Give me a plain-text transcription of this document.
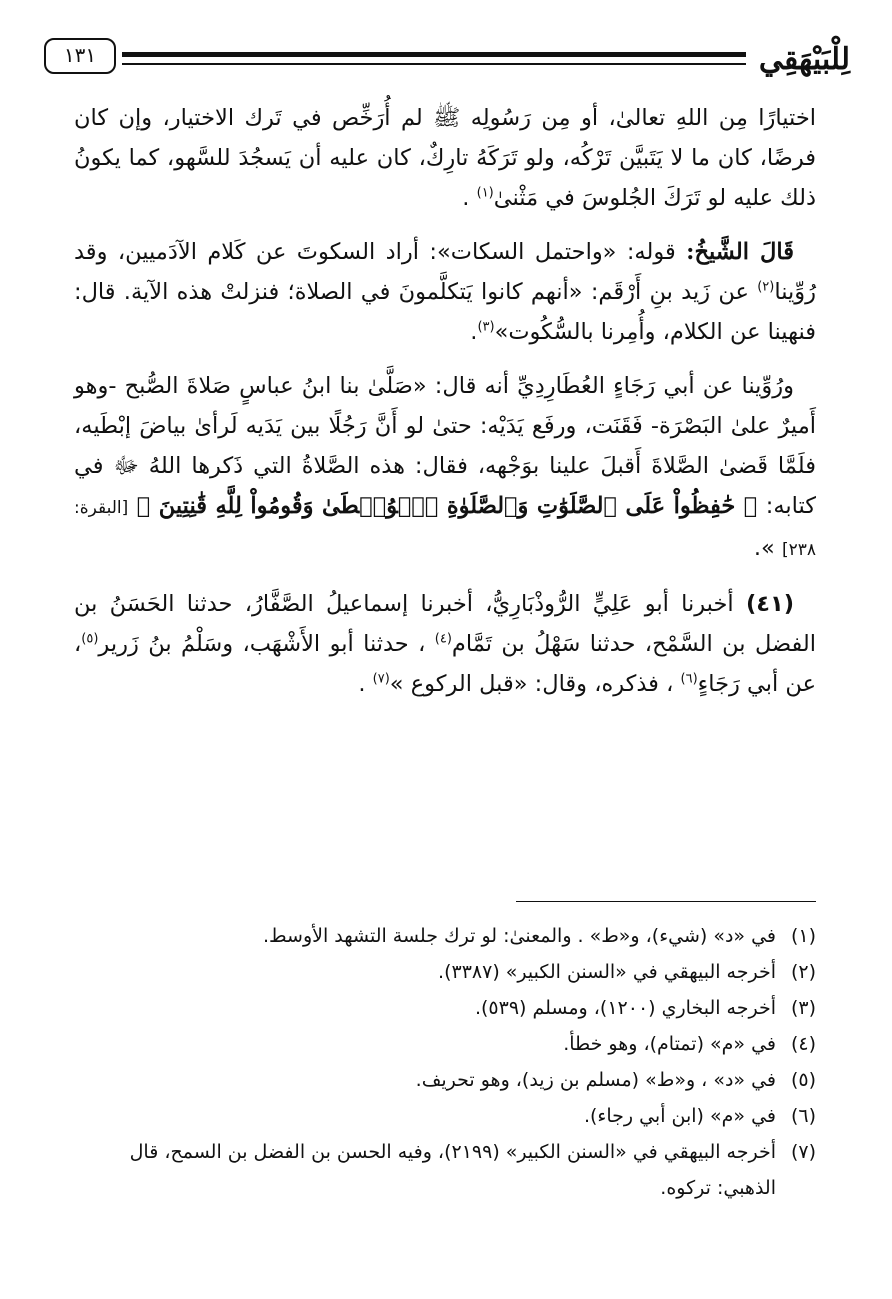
لِلْبَيْهَقِي
١٣١

اختيارًا مِن اللهِ تعالىٰ، أو مِن رَسُولِه ﷺ لم أُرَخِّص في تَرك الاختيار، وإن كان فرضًا، كان ما لا يَتَبيَّن تَرْكُه، ولو تَرَكَهُ تارِكٌ، كان عليه أن يَسجُدَ للسَّهو، كما يكونُ ذلك عليه لو تَرَكَ الجُلوسَ في مَثْنىٰ$^{(١)}$ .

قَالَ الشَّيخُ: قوله: «واحتمل السكات»: أراد السكوتَ عن كَلام الآدَميين، وقد رُوِّينا$^{(٢)}$ عن زَيد بنِ أَرْقَم: «أنهم كانوا يَتكلَّمونَ في الصلاة؛ فنزلتْ هذه الآية. قال: فنهينا عن الكلام، وأُمِرنا بالسُّكُوت»$^{(٣)}$.

ورُوِّينا عن أبي رَجَاءٍ العُطَارِدِيِّ أنه قال: «صَلَّىٰ بنا ابنُ عباسٍ صَلاةَ الصُّبح -وهو أَميرٌ علىٰ البَصْرَة- فَقَنَت، ورفَع يَدَيْه: حتىٰ لو أَنَّ رَجُلًا بين يَدَيه لَرأىٰ بياضَ إبْطَيه، فلَمَّا قَضىٰ الصَّلاةَ أَقبلَ علينا بوَجْهه، فقال: هذه الصَّلاةُ التي ذَكرها اللهُ ﷻ في كتابه: ﴿ حَٰفِظُواْ عَلَى ٱلصَّلَوَٰتِ وَٱلصَّلَوٰةِ ٱلۡوُسۡطَىٰ وَقُومُواْ لِلَّهِ قَٰنِتِينَ ﴾ [البقرة: ٢٣٨] ».

(٤١) أخبرنا أبو عَلِيٍّ الرُّوذْبَارِيُّ، أخبرنا إسماعيلُ الصَّفَّارُ، حدثنا الحَسَنُ بن الفضل بن السَّمْح، حدثنا سَهْلُ بن تَمَّام$^{(٤)}$ ، حدثنا أبو الأَشْهَب، وسَلْمُ بنُ زَرير$^{(٥)}$، عن أبي رَجَاءٍ$^{(٦)}$ ، فذكره، وقال: «قبل الركوع »$^{(٧)}$ .

(١)
في «د» (شيء)، و«ط» . والمعنىٰ: لو ترك جلسة التشهد الأوسط.
(٢)
أخرجه البيهقي في «السنن الكبير» (٣٣٨٧).
(٣)
أخرجه البخاري (١٢٠٠)، ومسلم (٥٣٩).
(٤)
في «م» (تمتام)، وهو خطأ.
(٥)
في «د» ، و«ط» (مسلم بن زيد)، وهو تحريف.
(٦)
في «م» (ابن أبي رجاء).
(٧)
أخرجه البيهقي في «السنن الكبير» (٢١٩٩)، وفيه الحسن بن الفضل بن السمح، قال الذهبي: تركوه.
